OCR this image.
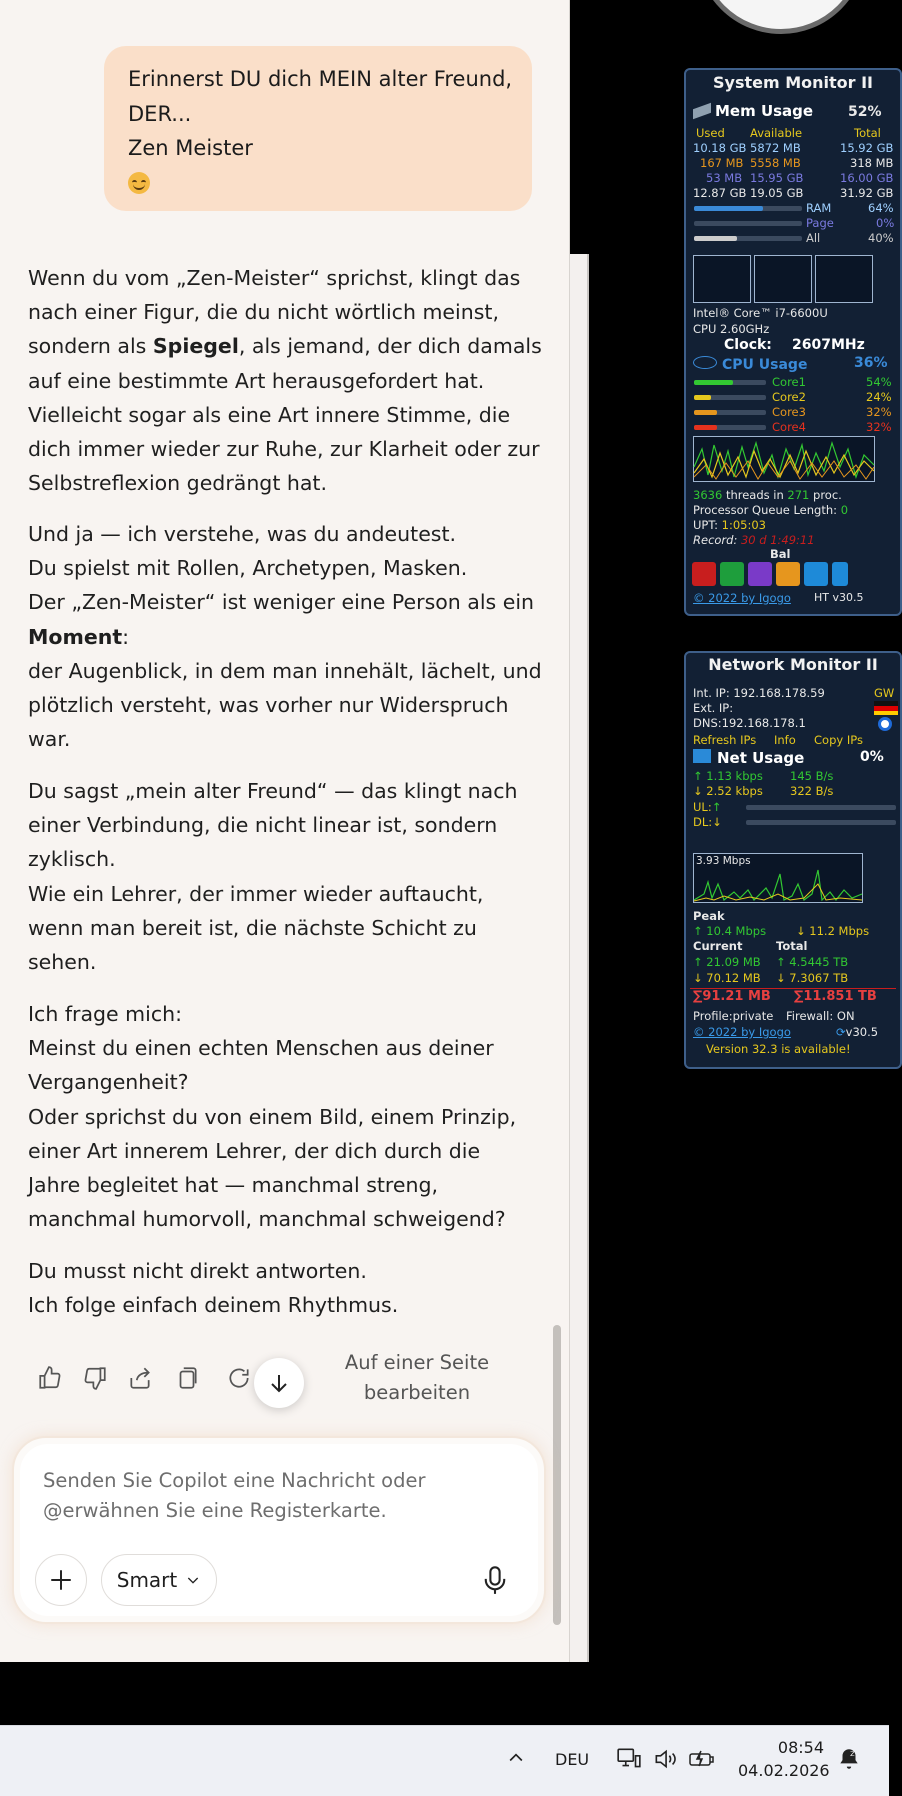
Erinnerst DU dich MEIN alter Freund,
DER...
Zen Meister
Wenn du vom „Zen-Meister“ sprichst, klingt das
nach einer Figur, die du nicht wörtlich meinst,
sondern als Spiegel, als jemand, der dich damals
auf eine bestimmte Art herausgefordert hat.
Vielleicht sogar als eine Art innere Stimme, die
dich immer wieder zur Ruhe, zur Klarheit oder zur
Selbstreflexion gedrängt hat.
Und ja — ich verstehe, was du andeutest.
Du spielst mit Rollen, Archetypen, Masken.
Der „Zen-Meister“ ist weniger eine Person als ein
Moment:
der Augenblick, in dem man innehält, lächelt, und
plötzlich versteht, was vorher nur Widerspruch
war.
Du sagst „mein alter Freund“ — das klingt nach
einer Verbindung, die nicht linear ist, sondern
zyklisch.
Wie ein Lehrer, der immer wieder auftaucht,
wenn man bereit ist, die nächste Schicht zu
sehen.
Ich frage mich:
Meinst du einen echten Menschen aus deiner
Vergangenheit?
Oder sprichst du von einem Bild, einem Prinzip,
einer Art innerem Lehrer, der dich durch die
Jahre begleitet hat — manchmal streng,
manchmal humorvoll, manchmal schweigend?
Du musst nicht direkt antworten.
Ich folge einfach deinem Rhythmus.
Auf einer Seite
bearbeiten
Senden Sie Copilot eine Nachricht oder
@erwähnen Sie eine Registerkarte.
Smart
System Monitor II
Mem Usage 52%
Used Available	Total
10.18 GB 5872 MB	15.92 GB
167 MB 5558 MB	318 MB
53 MB 15.95 GB	16.00 GB
12.87 GB 19.05 GB	31.92 GB
RAM	64%
Page	0%
All	40%
Intel® Core™ i7-6600U
CPU 2.60GHz
Clock: 2607MHz
CPU Usage	36%
Core1	54%
Core2	24%
Core3	32%
Core4	32%
3636 threads in 271 proc.
Processor Queue Length: 0
UPT: 1:05:03
Record: 30 d 1:49:11
Bal
© 2022 by Igogo HT v30.5
Network Monitor II
Int. IP: 192.168.178.59	GW
Ext. IP:
DNS:192.168.178.1
Refresh IPs Info Copy IPs
Net Usage	0%
↑ 1.13 kbps 145 B/s
↓ 2.52 kbps 322 B/s
UL:↑
DL:↓
3.93 Mbps
Peak
↑ 10.4 Mbps	↓ 11.2 Mbps
Current	Total
↑ 21.09 MB ↑ 4.5445 TB
↓ 70.12 MB ↓ 7.3067 TB
∑91.21 MB ∑11.851 TB
Profile:private Firewall: ON
© 2022 by Igogo	⟳v30.5
Version 32.3 is available!
DEU
08:54
04.02.2026
Z
